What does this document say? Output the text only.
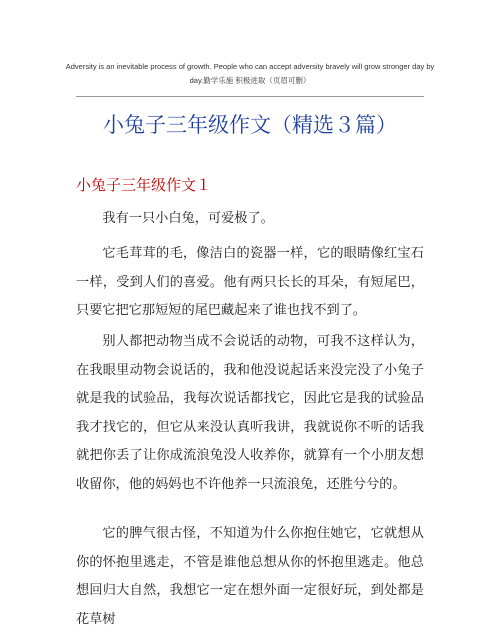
Adversity is an inevitable process of growth. People who can accept adversity bravely will grow stronger day by
day.勤学乐施 积极进取（页眉可删）
小兔子三年级作文（精选３篇）
小兔子三年级作文１

我有一只小白兔，可爱极了。

它毛茸茸的毛，像洁白的瓷器一样，它的眼睛像红宝石一样，受到人们的喜爱。他有两只长长的耳朵，有短尾巴，只要它把它那短短的尾巴藏起来了谁也找不到了。

别人都把动物当成不会说话的动物，可我不这样认为，在我眼里动物会说话的，我和他没说起话来没完没了小兔子就是我的试验品，我每次说话都找它，因此它是我的试验品我才找它的，但它从来没认真听我讲，我就说你不听的话我就把你丢了让你成流浪兔没人收养你，就算有一个小朋友想收留你，他的妈妈也不许他养一只流浪兔，还胜兮兮的。

它的脾气很古怪，不知道为什么你抱住她它，它就想从你的怀抱里逃走，不管是谁他总想从你的怀抱里逃走。他总想回归大自然，我想它一定在想外面一定很好玩，到处都是花草树
